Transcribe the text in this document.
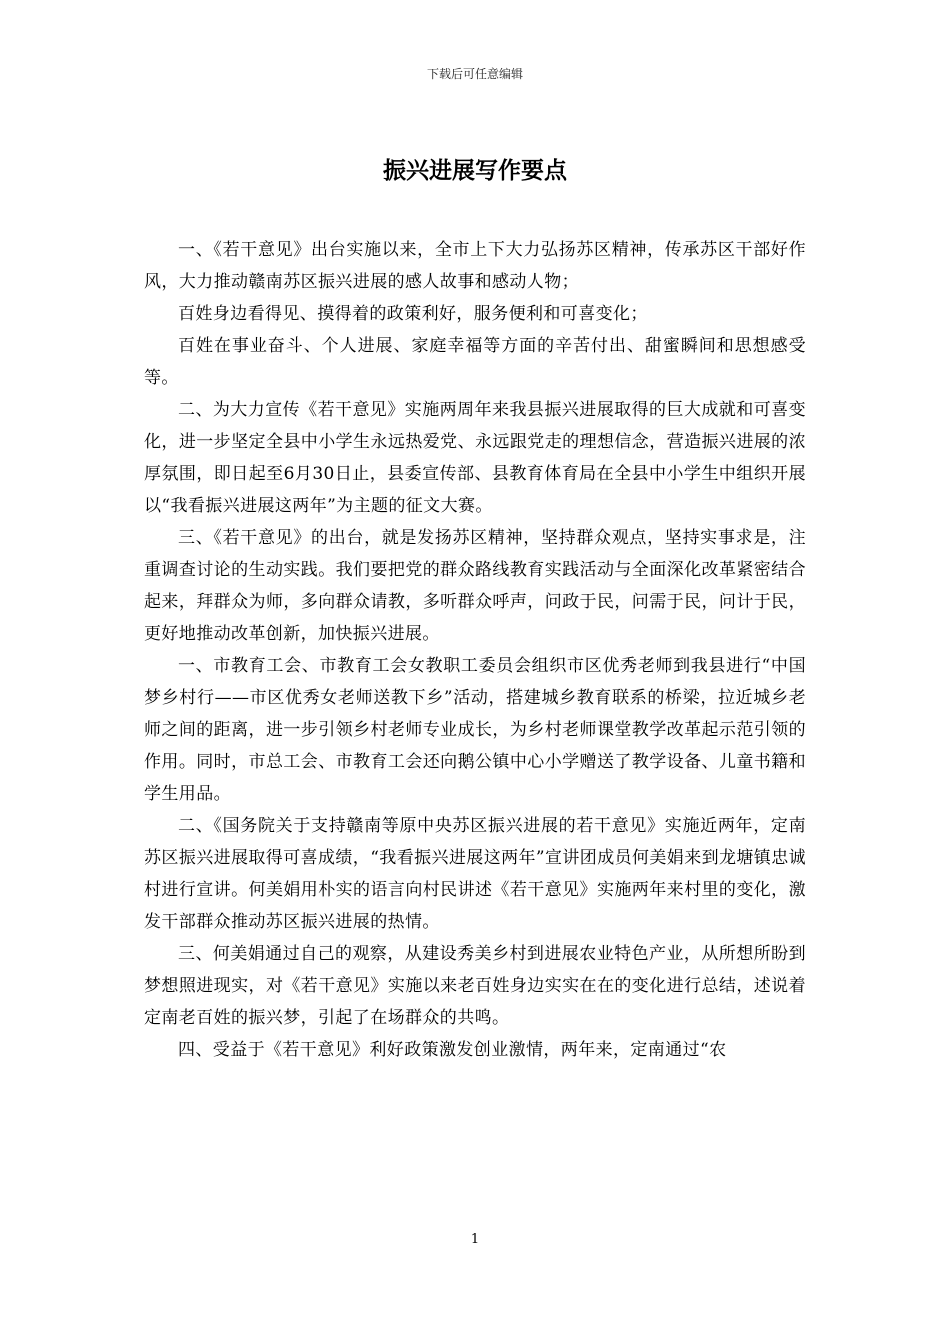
下载后可任意编辑
振兴进展写作要点

一、《若干意见》出台实施以来，全市上下大力弘扬苏区精神，传承苏区干部好作风，大力推动赣南苏区振兴进展的感人故事和感动人物；

百姓身边看得见、摸得着的政策利好，服务便利和可喜变化；

百姓在事业奋斗、个人进展、家庭幸福等方面的辛苦付出、甜蜜瞬间和思想感受等。

二、为大力宣传《若干意见》实施两周年来我县振兴进展取得的巨大成就和可喜变化，进一步坚定全县中小学生永远热爱党、永远跟党走的理想信念，营造振兴进展的浓厚氛围，即日起至6月30日止，县委宣传部、县教育体育局在全县中小学生中组织开展以“我看振兴进展这两年”为主题的征文大赛。

三、《若干意见》的出台，就是发扬苏区精神，坚持群众观点，坚持实事求是，注重调查讨论的生动实践。我们要把党的群众路线教育实践活动与全面深化改革紧密结合起来，拜群众为师，多向群众请教，多听群众呼声，问政于民，问需于民，问计于民，更好地推动改革创新，加快振兴进展。

一、市教育工会、市教育工会女教职工委员会组织市区优秀老师到我县进行“中国梦乡村行——市区优秀女老师送教下乡”活动，搭建城乡教育联系的桥梁，拉近城乡老师之间的距离，进一步引领乡村老师专业成长，为乡村老师课堂教学改革起示范引领的作用。同时，市总工会、市教育工会还向鹅公镇中心小学赠送了教学设备、儿童书籍和学生用品。

二、《国务院关于支持赣南等原中央苏区振兴进展的若干意见》实施近两年，定南苏区振兴进展取得可喜成绩，“我看振兴进展这两年”宣讲团成员何美娟来到龙塘镇忠诚村进行宣讲。何美娟用朴实的语言向村民讲述《若干意见》实施两年来村里的变化，激发干部群众推动苏区振兴进展的热情。

三、何美娟通过自己的观察，从建设秀美乡村到进展农业特色产业，从所想所盼到梦想照进现实，对《若干意见》实施以来老百姓身边实实在在的变化进行总结，述说着定南老百姓的振兴梦，引起了在场群众的共鸣。

四、受益于《若干意见》利好政策激发创业激情，两年来，定南通过“农

1
